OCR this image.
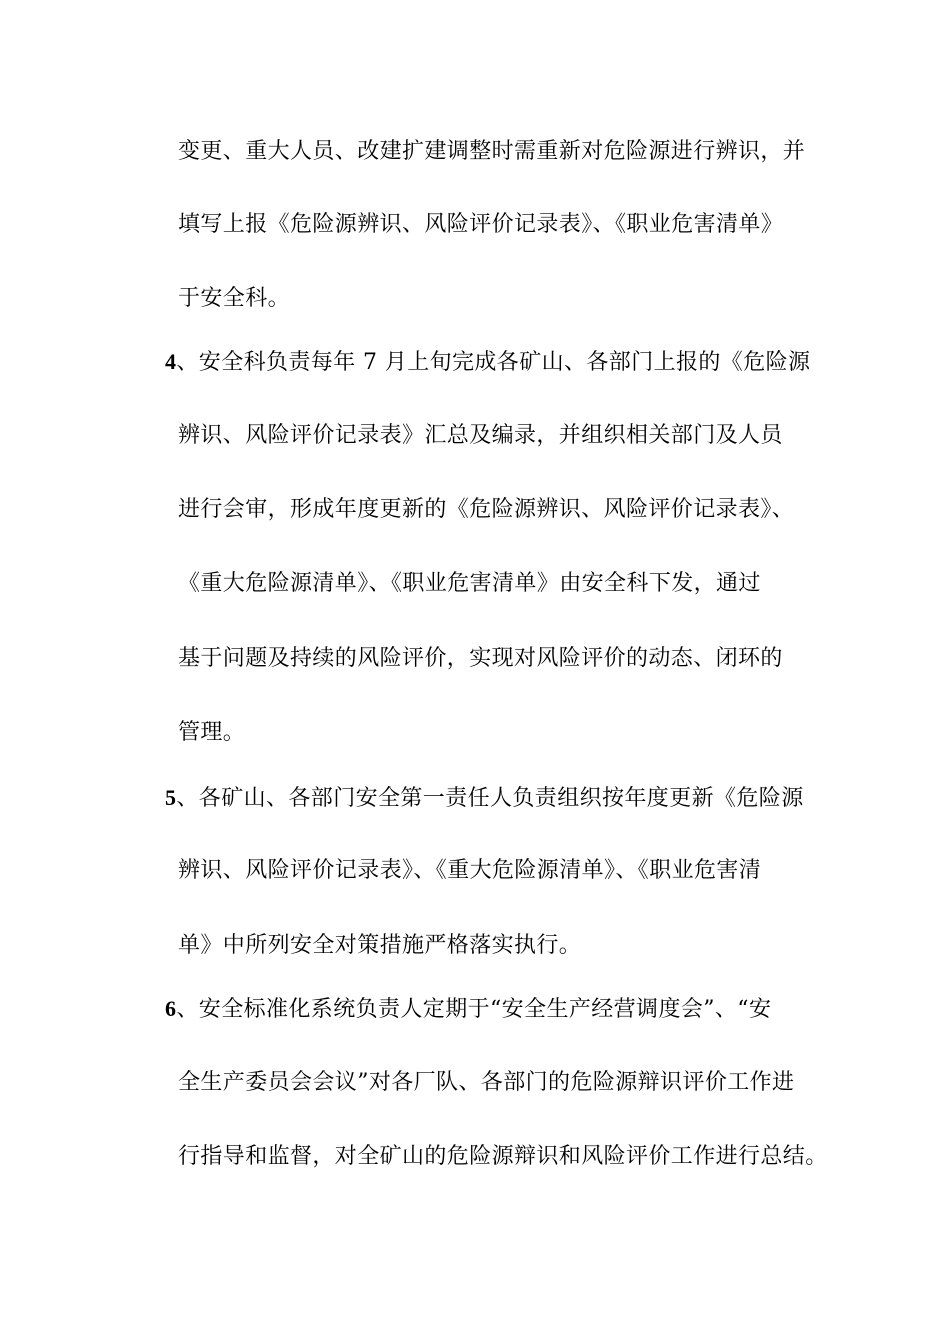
变更、重大人员、改建扩建调整时需重新对危险源进行辨识，并
填写上报《危险源辨识、风险评价记录表》、《职业危害清单》
于安全科。
4、安全科负责每年 7 月上旬完成各矿山、各部门上报的《危险源
辨识、风险评价记录表》汇总及编录，并组织相关部门及人员
进行会审，形成年度更新的《危险源辨识、风险评价记录表》、
《重大危险源清单》、《职业危害清单》由安全科下发，通过
基于问题及持续的风险评价，实现对风险评价的动态、闭环的
管理。
5、各矿山、各部门安全第一责任人负责组织按年度更新《危险源
辨识、风险评价记录表》、《重大危险源清单》、《职业危害清
单》中所列安全对策措施严格落实执行。
6、安全标准化系统负责人定期于“安全生产经营调度会”、“安
全生产委员会会议”对各厂队、各部门的危险源辩识评价工作进
行指导和监督，对全矿山的危险源辩识和风险评价工作进行总结。
